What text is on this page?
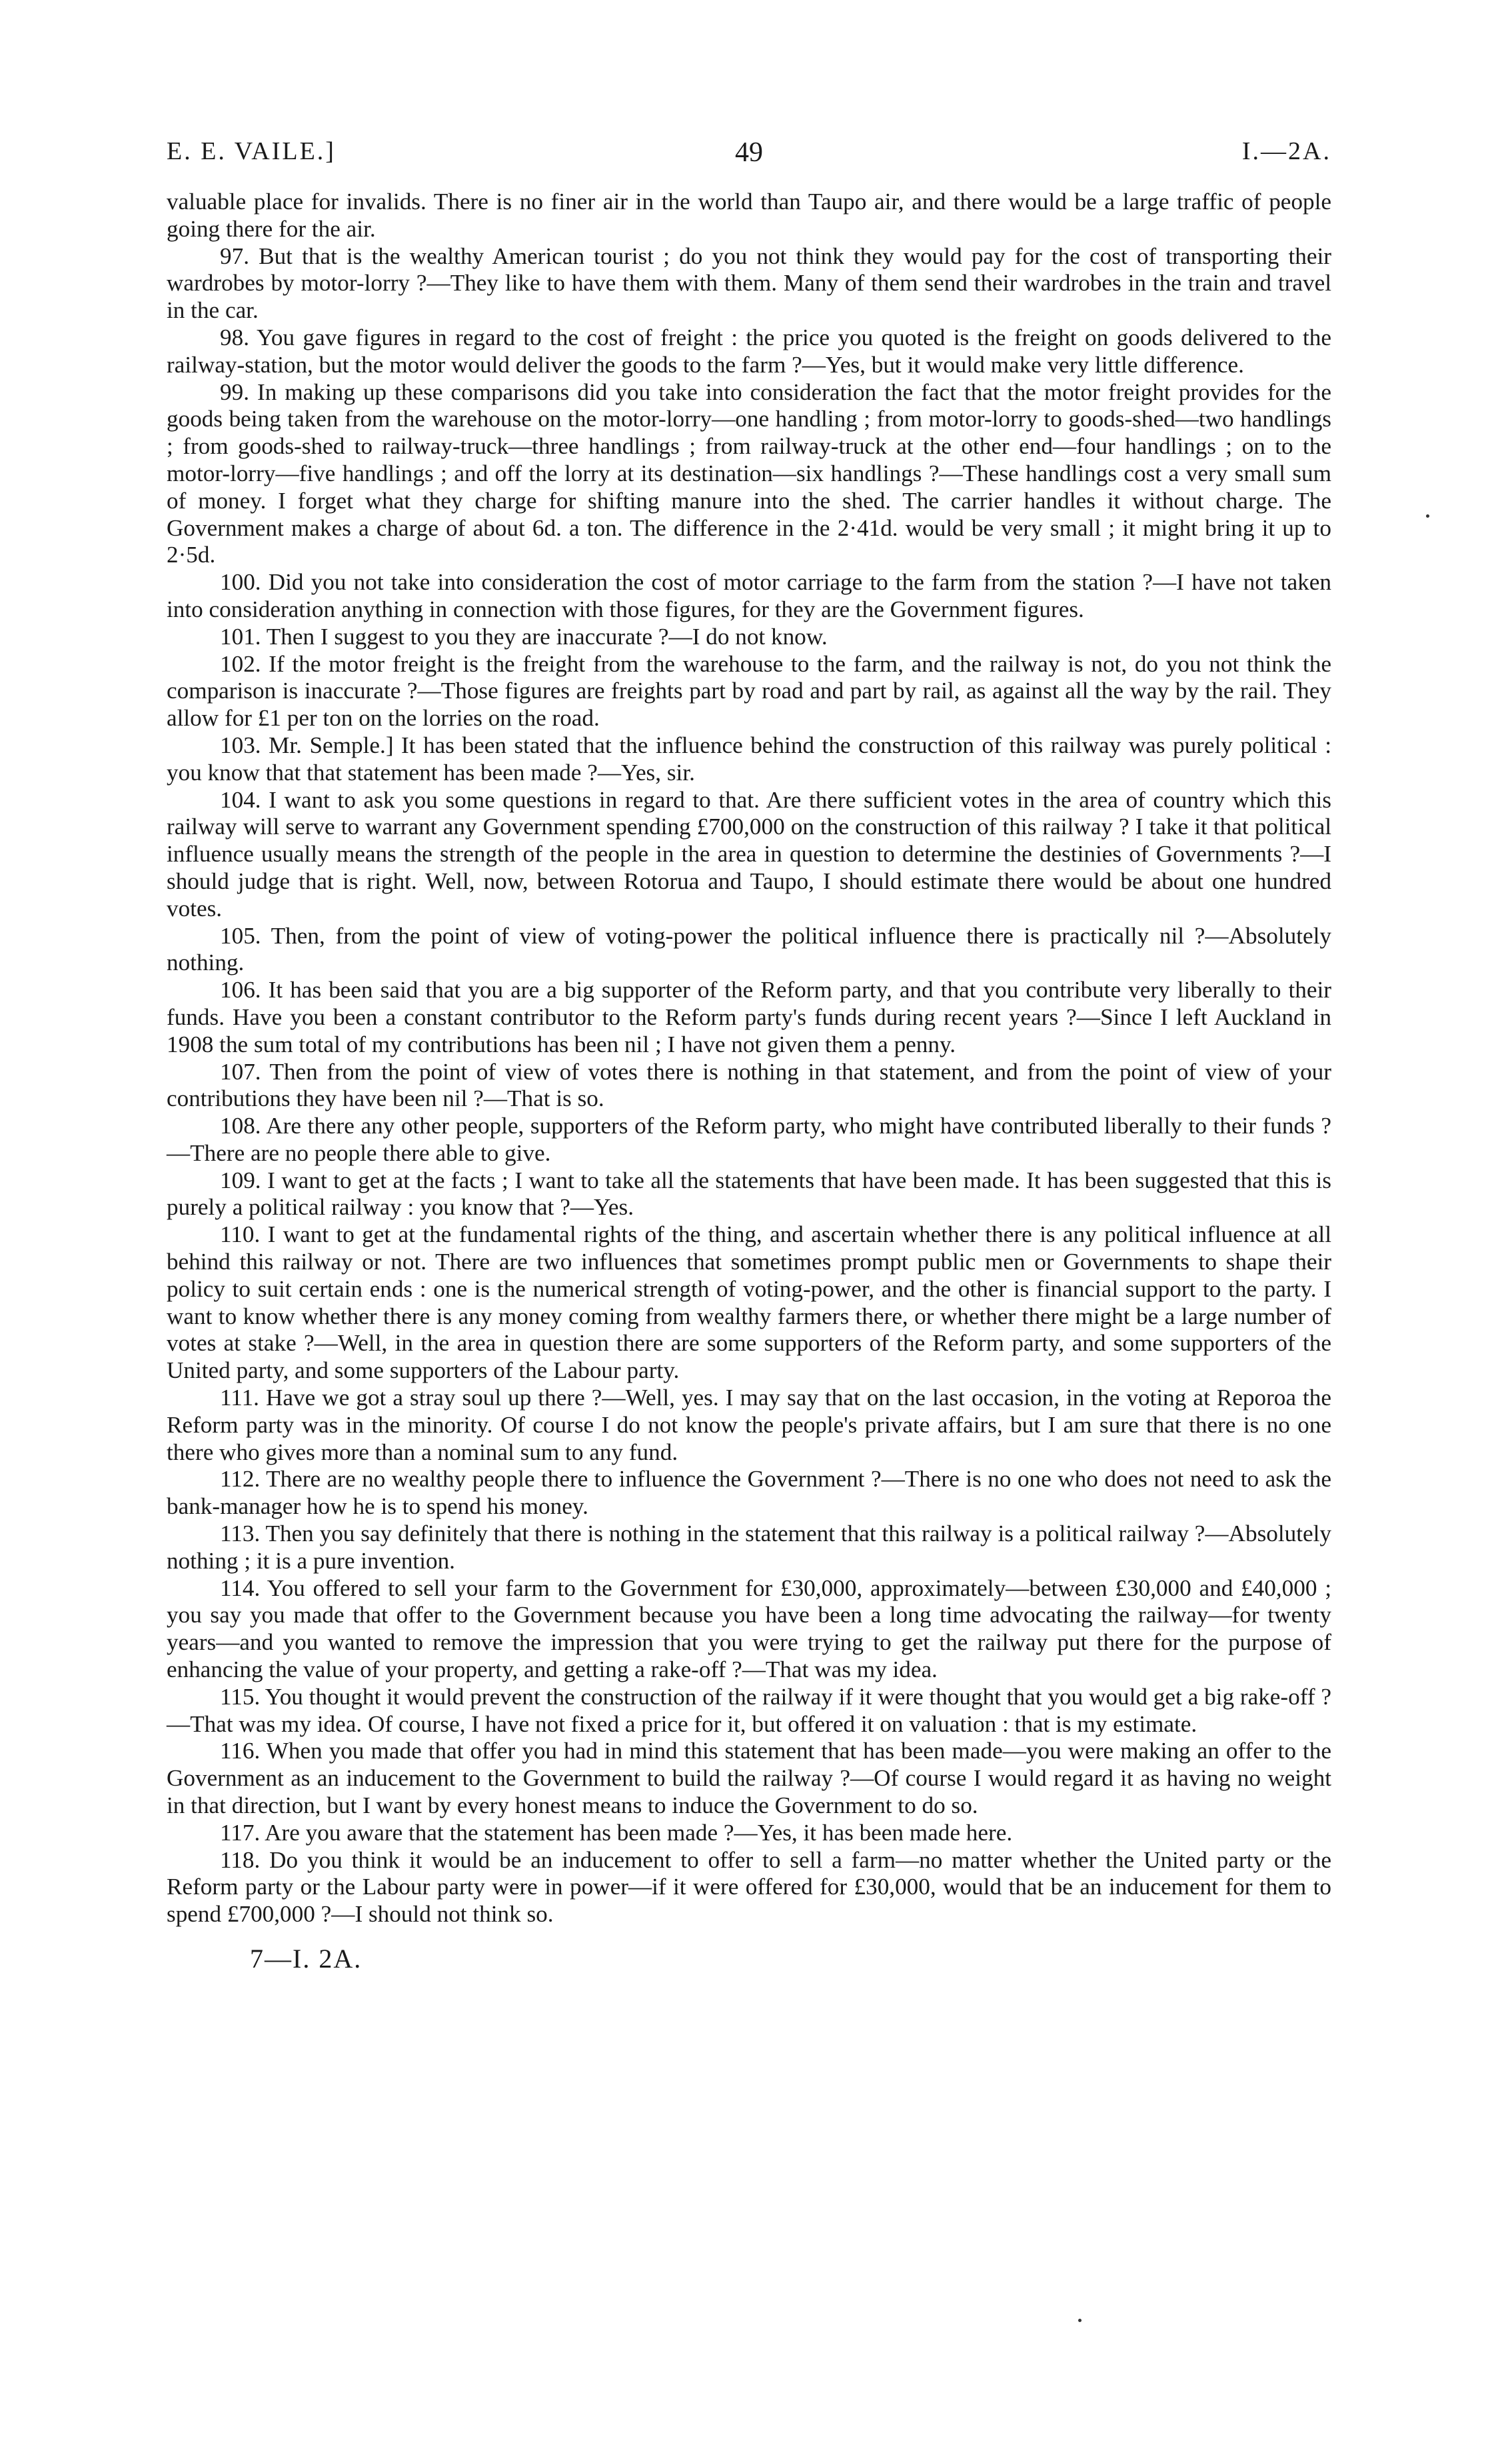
E. E. VAILE.]	49	I.—2A.

valuable place for invalids. There is no finer air in the world than Taupo air, and there would be a large traffic of people going there for the air.

97. But that is the wealthy American tourist ; do you not think they would pay for the cost of transporting their wardrobes by motor-lorry ?—They like to have them with them. Many of them send their wardrobes in the train and travel in the car.

98. You gave figures in regard to the cost of freight : the price you quoted is the freight on goods delivered to the railway-station, but the motor would deliver the goods to the farm ?—Yes, but it would make very little difference.

99. In making up these comparisons did you take into consideration the fact that the motor freight provides for the goods being taken from the warehouse on the motor-lorry—one handling ; from motor-lorry to goods-shed—two handlings ; from goods-shed to railway-truck—three handlings ; from railway-truck at the other end—four handlings ; on to the motor-lorry—five handlings ; and off the lorry at its destination—six handlings ?—These handlings cost a very small sum of money. I forget what they charge for shifting manure into the shed. The carrier handles it without charge. The Government makes a charge of about 6d. a ton. The difference in the 2·41d. would be very small ; it might bring it up to 2·5d.

100. Did you not take into consideration the cost of motor carriage to the farm from the station ?—I have not taken into consideration anything in connection with those figures, for they are the Government figures.

101. Then I suggest to you they are inaccurate ?—I do not know.

102. If the motor freight is the freight from the warehouse to the farm, and the railway is not, do you not think the comparison is inaccurate ?—Those figures are freights part by road and part by rail, as against all the way by the rail. They allow for £1 per ton on the lorries on the road.

103. Mr. Semple.] It has been stated that the influence behind the construction of this railway was purely political : you know that that statement has been made ?—Yes, sir.

104. I want to ask you some questions in regard to that. Are there sufficient votes in the area of country which this railway will serve to warrant any Government spending £700,000 on the construction of this railway ? I take it that political influence usually means the strength of the people in the area in question to determine the destinies of Governments ?—I should judge that is right. Well, now, between Rotorua and Taupo, I should estimate there would be about one hundred votes.

105. Then, from the point of view of voting-power the political influence there is practically nil ?—Absolutely nothing.

106. It has been said that you are a big supporter of the Reform party, and that you contribute very liberally to their funds. Have you been a constant contributor to the Reform party's funds during recent years ?—Since I left Auckland in 1908 the sum total of my contributions has been nil ; I have not given them a penny.

107. Then from the point of view of votes there is nothing in that statement, and from the point of view of your contributions they have been nil ?—That is so.

108. Are there any other people, supporters of the Reform party, who might have contributed liberally to their funds ?—There are no people there able to give.

109. I want to get at the facts ; I want to take all the statements that have been made. It has been suggested that this is purely a political railway : you know that ?—Yes.

110. I want to get at the fundamental rights of the thing, and ascertain whether there is any political influence at all behind this railway or not. There are two influences that sometimes prompt public men or Governments to shape their policy to suit certain ends : one is the numerical strength of voting-power, and the other is financial support to the party. I want to know whether there is any money coming from wealthy farmers there, or whether there might be a large number of votes at stake ?—Well, in the area in question there are some supporters of the Reform party, and some supporters of the United party, and some supporters of the Labour party.

111. Have we got a stray soul up there ?—Well, yes. I may say that on the last occasion, in the voting at Reporoa the Reform party was in the minority. Of course I do not know the people's private affairs, but I am sure that there is no one there who gives more than a nominal sum to any fund.

112. There are no wealthy people there to influence the Government ?—There is no one who does not need to ask the bank-manager how he is to spend his money.

113. Then you say definitely that there is nothing in the statement that this railway is a political railway ?—Absolutely nothing ; it is a pure invention.

114. You offered to sell your farm to the Government for £30,000, approximately—between £30,000 and £40,000 ; you say you made that offer to the Government because you have been a long time advocating the railway—for twenty years—and you wanted to remove the impression that you were trying to get the railway put there for the purpose of enhancing the value of your property, and getting a rake-off ?—That was my idea.

115. You thought it would prevent the construction of the railway if it were thought that you would get a big rake-off ?—That was my idea. Of course, I have not fixed a price for it, but offered it on valuation : that is my estimate.

116. When you made that offer you had in mind this statement that has been made—you were making an offer to the Government as an inducement to the Government to build the railway ?—Of course I would regard it as having no weight in that direction, but I want by every honest means to induce the Government to do so.

117. Are you aware that the statement has been made ?—Yes, it has been made here.

118. Do you think it would be an inducement to offer to sell a farm—no matter whether the United party or the Reform party or the Labour party were in power—if it were offered for £30,000, would that be an inducement for them to spend £700,000 ?—I should not think so.

7—I. 2A.
